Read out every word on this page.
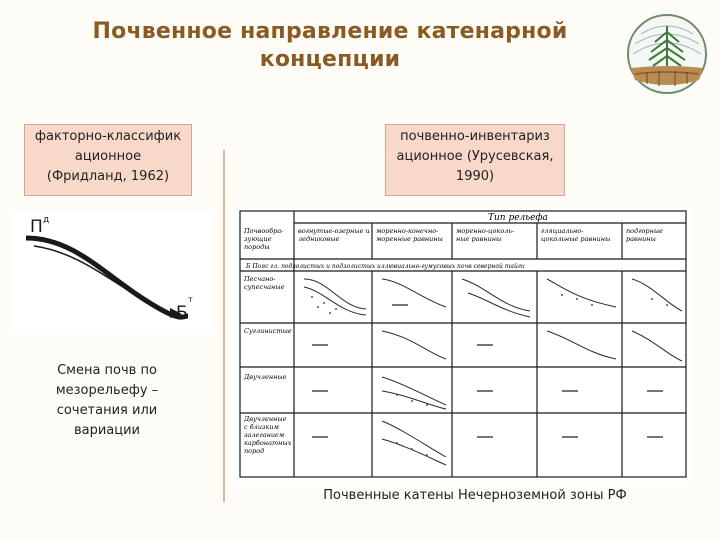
Почвенное направление катенарной
концепции
факторно-классифик
ационное
(Фридланд, 1962)
почвенно-инвентариз
ационное (Урусевская,
1990)
П д
Б
т
Смена почв по
мезорельефу –
сочетания или
вариации
Тип рельефа
Б Пояс гл. подзолистых и подзолистых иллювиально-гумусовых почв северной тайги
Почвообра-
зующие
породы
вогнутые-озерные и
ледниковые
моренно-конечно-
моренные равнины
моренно-цоколь-
ные равнины
гляциально-
цокольные равнины
подгорные
равнины
Песчано-
супесчаные
Суглинистые
Двучленные
Двучленные
с близким
залеганием
карбонатных
пород
Почвенные катены Нечерноземной зоны РФ
